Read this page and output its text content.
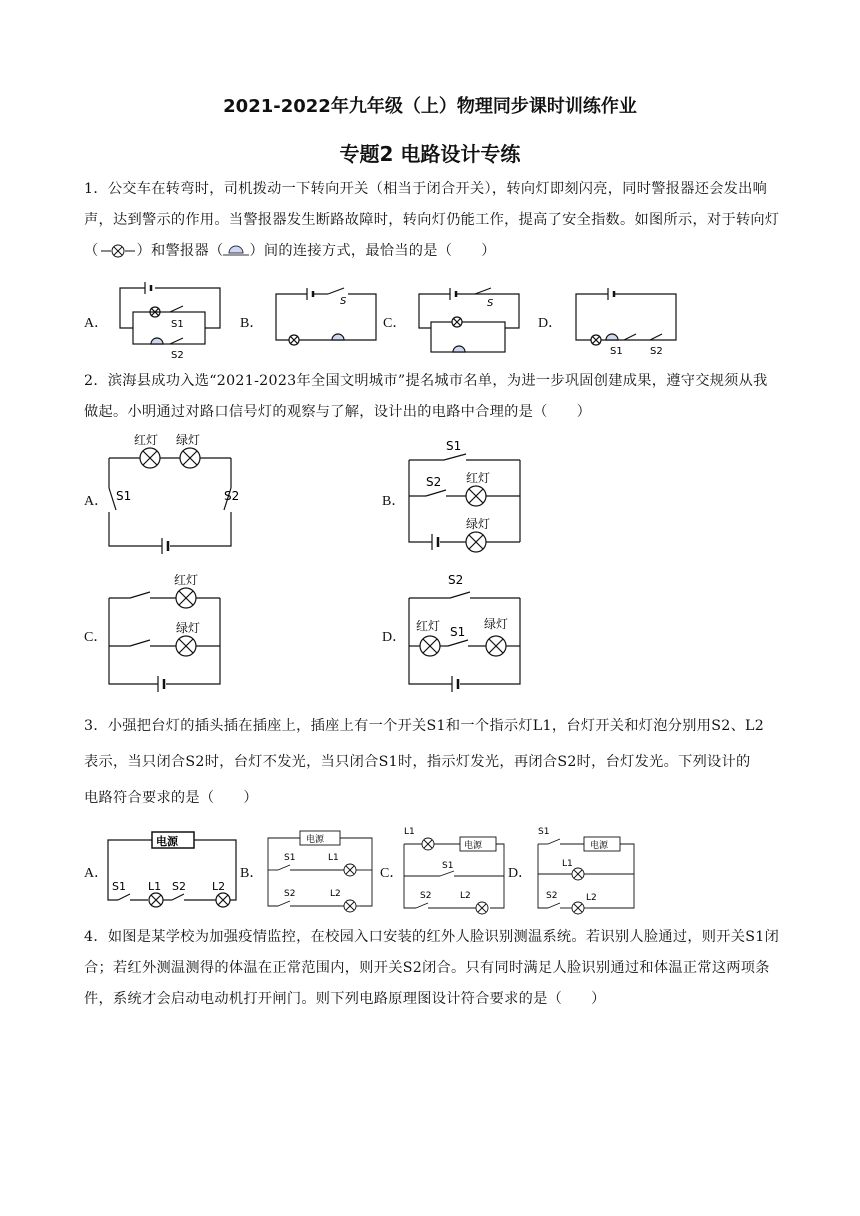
2021-2022年九年级（上）物理同步课时训练作业
专题2 电路设计专练
1．公交车在转弯时，司机拨动一下转向开关（相当于闭合开关），转向灯即刻闪亮，同时警报器还会发出响声，达到警示的作用。当警报器发生断路故障时，转向灯仍能工作，提高了安全指数。如图所示，对于转向灯（	）和警报器（ ）间的连接方式，最恰当的是（　　）
A．	B．	C．	D．
S1
S2
S	S
S1	S2
2．滨海县成功入选“2021-2023年全国文明城市”提名城市名单，为进一步巩固创建成果，遵守交规须从我做起。小明通过对路口信号灯的观察与了解，设计出的电路中合理的是（　　）
A．	B．
C．	D．
红灯 绿灯
S1	S2
S1
S2 红灯
绿灯
红灯
绿灯
S2
红灯 S1
绿灯
3．小强把台灯的插头插在插座上，插座上有一个开关S1和一个指示灯L1，台灯开关和灯泡分别用S2、L2
表示，当只闭合S2时，台灯不发光，当只闭合S1时，指示灯发光，再闭合S2时，台灯发光。下列设计的
电路符合要求的是（　　）
A．	B．	C．	D．
电源
S1 L1 S2 L2
电源
S1	L1
S2	L2
L1
电源
S1
S2	L2
S1
电源
L1
S2	L2
4．如图是某学校为加强疫情监控，在校园入口安装的红外人脸识别测温系统。若识别人脸通过，则开关S1闭合；若红外测温测得的体温在正常范围内，则开关S2闭合。只有同时满足人脸识别通过和体温正常这两项条件，系统才会启动电动机打开闸门。则下列电路原理图设计符合要求的是（　　）
